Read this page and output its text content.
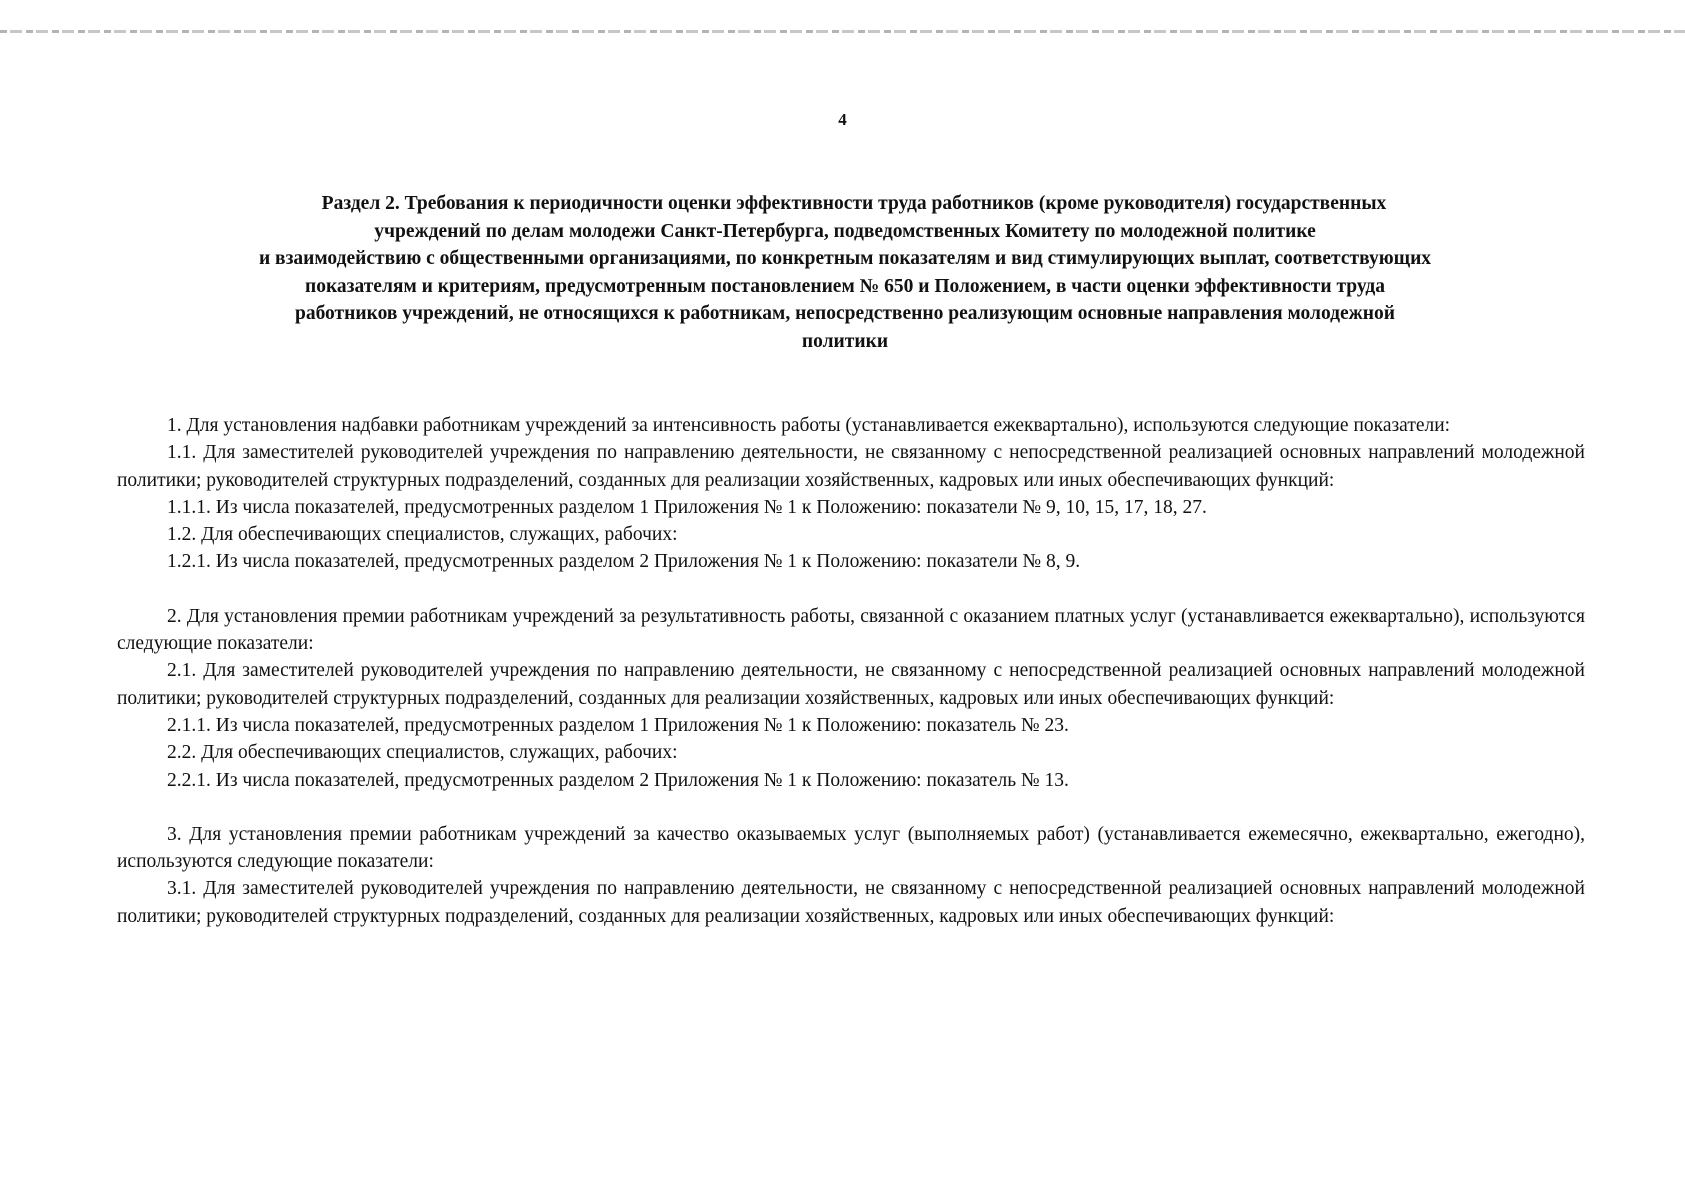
4
Раздел 2. Требования к периодичности оценки эффективности труда работников (кроме руководителя) государственных
учреждений по делам молодежи Санкт-Петербурга, подведомственных Комитету по молодежной политике
и взаимодействию с общественными организациями, по конкретным показателям и вид стимулирующих выплат, соответствующих
показателям и критериям, предусмотренным постановлением № 650 и Положением, в части оценки эффективности труда
работников учреждений, не относящихся к работникам, непосредственно реализующим основные направления молодежной
политики

1. Для установления надбавки работникам учреждений за интенсивность работы (устанавливается ежеквартально), используются следующие показатели:

1.1. Для заместителей руководителей учреждения по направлению деятельности, не связанному с непосредственной реализацией основных направлений молодежной политики; руководителей структурных подразделений, созданных для реализации хозяйственных, кадровых или иных обеспечивающих функций:

1.1.1. Из числа показателей, предусмотренных разделом 1 Приложения № 1 к Положению: показатели № 9, 10, 15, 17, 18, 27.

1.2. Для обеспечивающих специалистов, служащих, рабочих:

1.2.1. Из числа показателей, предусмотренных разделом 2 Приложения № 1 к Положению: показатели № 8, 9.

2. Для установления премии работникам учреждений за результативность работы, связанной с оказанием платных услуг (устанавливается ежеквартально), используются следующие показатели:

2.1. Для заместителей руководителей учреждения по направлению деятельности, не связанному с непосредственной реализацией основных направлений молодежной политики; руководителей структурных подразделений, созданных для реализации хозяйственных, кадровых или иных обеспечивающих функций:

2.1.1. Из числа показателей, предусмотренных разделом 1 Приложения № 1 к Положению: показатель № 23.

2.2. Для обеспечивающих специалистов, служащих, рабочих:

2.2.1. Из числа показателей, предусмотренных разделом 2 Приложения № 1 к Положению: показатель № 13.

3. Для установления премии работникам учреждений за качество оказываемых услуг (выполняемых работ) (устанавливается ежемесячно, ежеквартально, ежегодно), используются следующие показатели:

3.1. Для заместителей руководителей учреждения по направлению деятельности, не связанному с непосредственной реализацией основных направлений молодежной политики; руководителей структурных подразделений, созданных для реализации хозяйственных, кадровых или иных обеспечивающих функций:
